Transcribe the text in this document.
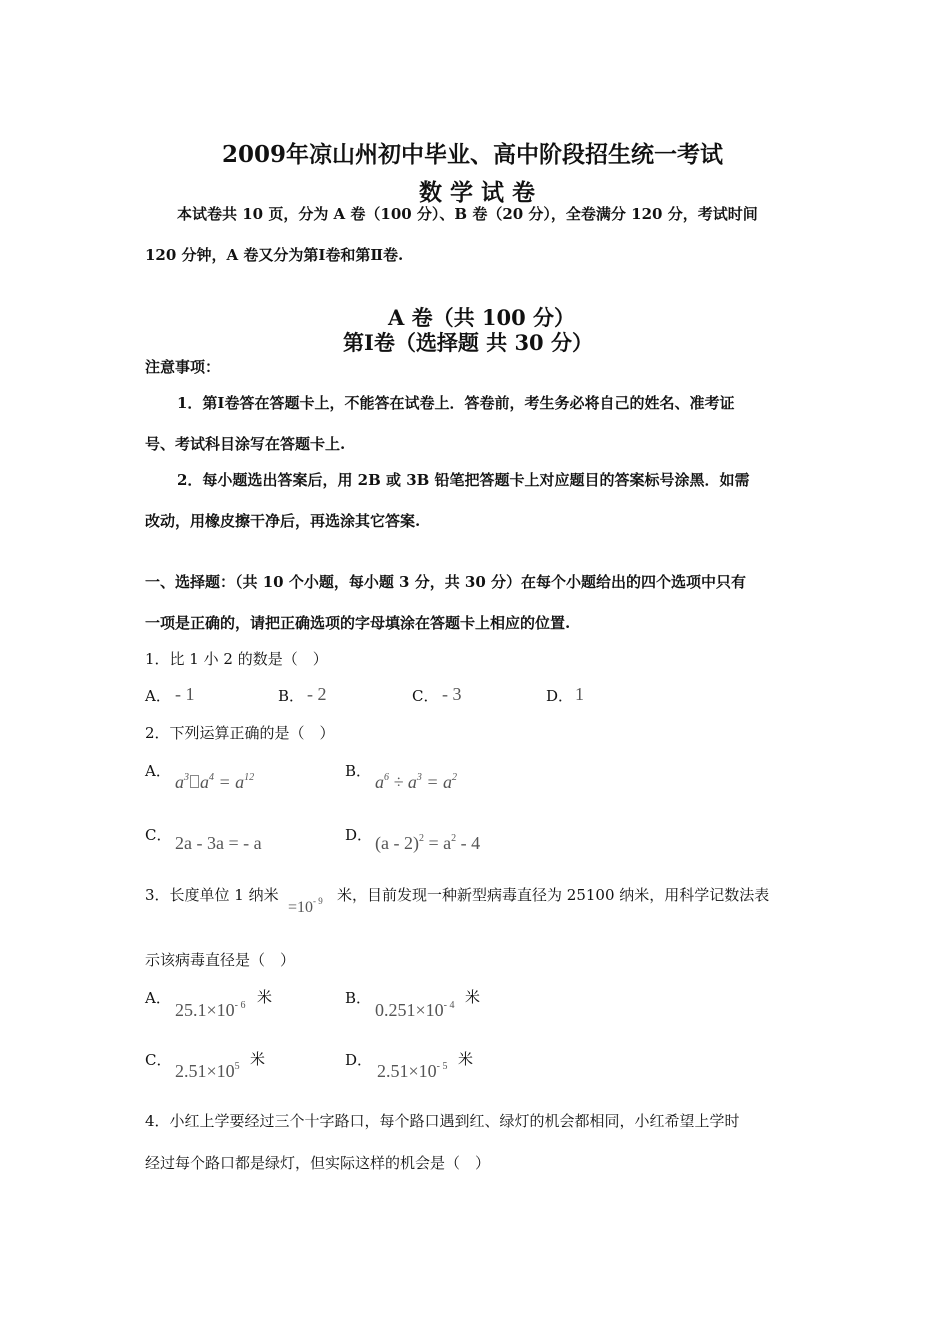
2009年凉山州初中毕业、高中阶段招生统一考试
数 学 试 卷
本试卷共 10 页，分为 A 卷（100 分）、B 卷（20 分），全卷满分 120 分，考试时间
120 分钟，A 卷又分为第Ⅰ卷和第Ⅱ卷.
A 卷（共 100 分）
第Ⅰ卷（选择题 共 30 分）
注意事项：
1．第Ⅰ卷答在答题卡上，不能答在试卷上．答卷前，考生务必将自己的姓名、准考证
号、考试科目涂写在答题卡上.
2．每小题选出答案后，用 2B 或 3B 铅笔把答题卡上对应题目的答案标号涂黑．如需
改动，用橡皮擦干净后，再选涂其它答案.
一、选择题：（共 10 个小题，每小题 3 分，共 30 分）在每个小题给出的四个选项中只有
一项是正确的，请把正确选项的字母填涂在答题卡上相应的位置.
1．比 1 小 2 的数是（　）
A． - 1	B． - 2	C． - 3	D． 1
2．下列运算正确的是（　）
A．
$a^3$ $a^4 = a^{12}$	B．
$a^6 \div a^3 = a^2$
C． 2a - 3a = - a	D． $(a - 2)^2 = a^2 - 4$
3．长度单位 1 纳米
$=10^{- 9}$ 米，目前发现一种新型病毒直径为 25100 纳米，用科学记数法表
示该病毒直径是（　）
A．
$25.1\times 10^{- 6}$ 米	B．
$0.251\times 10^{- 4}$ 米
C．
$2.51\times 10^5$ 米	D．
$2.51\times 10^{- 5}$ 米
4．小红上学要经过三个十字路口，每个路口遇到红、绿灯的机会都相同，小红希望上学时
经过每个路口都是绿灯，但实际这样的机会是（　）
